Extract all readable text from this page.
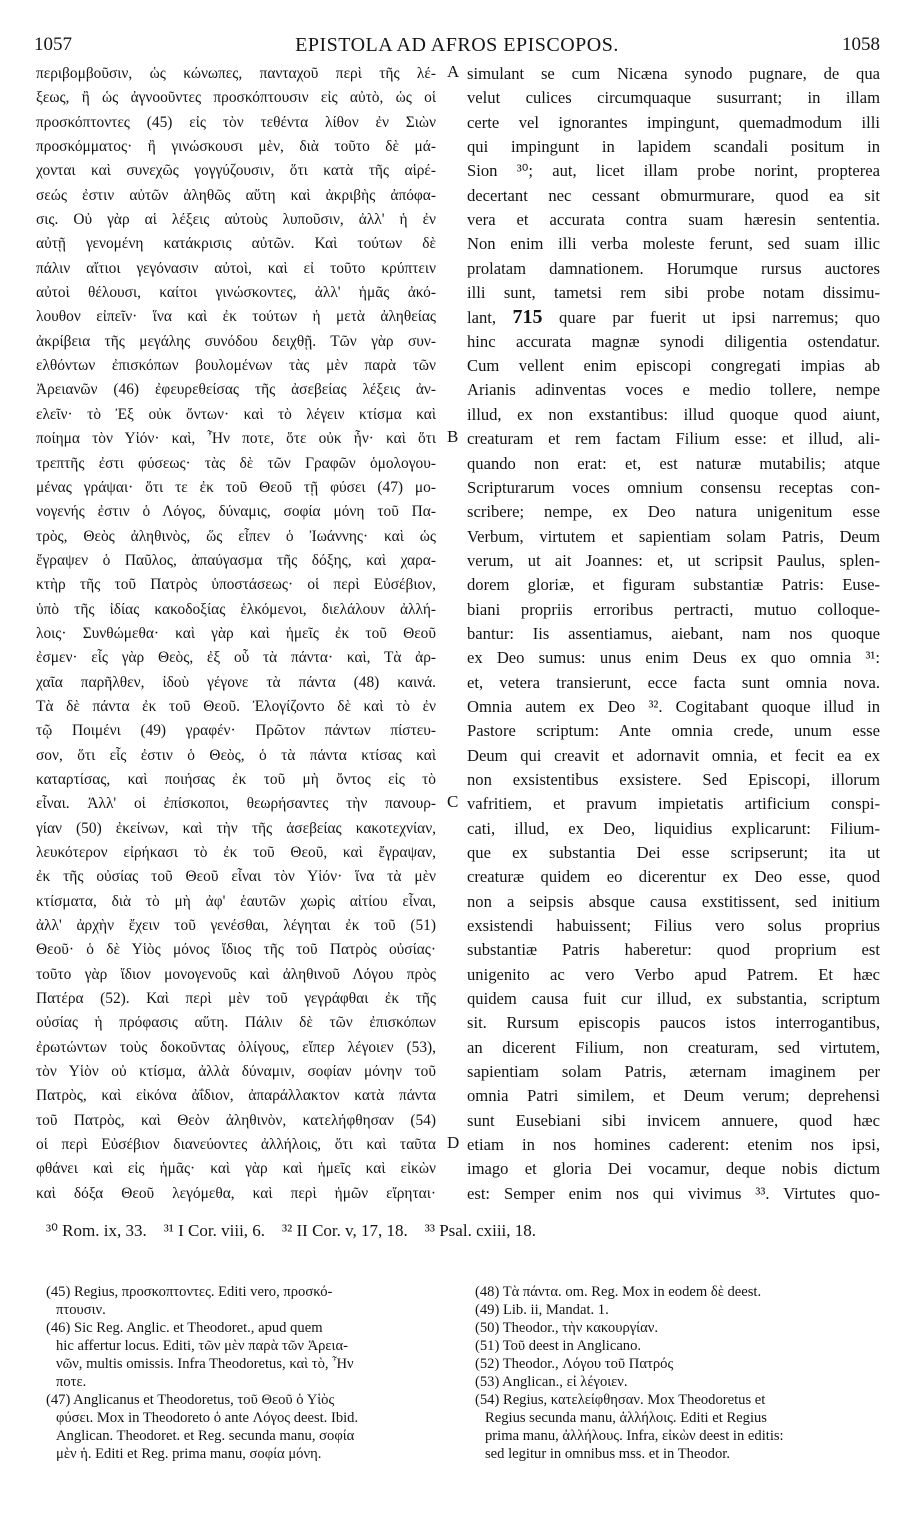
1057	EPISTOLA AD AFROS EPISCOPOS.	1058
περιβομβοῦσιν, ὡς κώνωπες, πανταχοῦ περὶ τῆς λέ-
ξεως, ἢ ὡς ἀγνοοῦντες προσκόπτουσιν εἰς αὐτὸ, ὡς οἱ
προσκόπτοντες (45) εἰς τὸν τεθέντα λίθον ἐν Σιὼν
προσκόμματος· ἢ γινώσκουσι μὲν, διὰ τοῦτο δὲ μά-
χονται καὶ συνεχῶς γογγύζουσιν, ὅτι κατὰ τῆς αἱρέ-
σεώς ἐστιν αὐτῶν ἀληθῶς αὕτη καὶ ἀκριβὴς ἀπόφα-
σις. Οὐ γὰρ αἱ λέξεις αὐτοὺς λυποῦσιν, ἀλλ' ἡ ἐν
αὐτῇ γενομένη κατάκρισις αὐτῶν. Καὶ τούτων δὲ
πάλιν αἴτιοι γεγόνασιν αὐτοὶ, καὶ εἰ τοῦτο κρύπτειν
αὐτοὶ θέλουσι, καίτοι γινώσκοντες, ἀλλ' ἡμᾶς ἀκό-
λουθον εἰπεῖν· ἵνα καὶ ἐκ τούτων ἡ μετὰ ἀληθείας
ἀκρίβεια τῆς μεγάλης συνόδου δειχθῇ. Τῶν γὰρ συν-
ελθόντων ἐπισκόπων βουλομένων τὰς μὲν παρὰ τῶν
Ἀρειανῶν (46) ἐφευρεθείσας τῆς ἀσεβείας λέξεις ἀν-
ελεῖν· τὸ Ἐξ οὐκ ὄντων· καὶ τὸ λέγειν κτίσμα καὶ
ποίημα τὸν Υἱόν· καὶ, Ἦν ποτε, ὅτε οὐκ ἦν· καὶ ὅτι
τρεπτῆς ἐστι φύσεως· τὰς δὲ τῶν Γραφῶν ὁμολογου-
μένας γράψαι· ὅτι τε ἐκ τοῦ Θεοῦ τῇ φύσει (47) μο-
νογενής ἐστιν ὁ Λόγος, δύναμις, σοφία μόνη τοῦ Πα-
τρὸς, Θεὸς ἀληθινὸς, ὥς εἶπεν ὁ Ἰωάννης· καὶ ὡς
ἔγραψεν ὁ Παῦλος, ἀπαύγασμα τῆς δόξης, καὶ χαρα-
κτὴρ τῆς τοῦ Πατρὸς ὑποστάσεως· οἱ περὶ Εὐσέβιον,
ὑπὸ τῆς ἰδίας κακοδοξίας ἑλκόμενοι, διελάλουν ἀλλή-
λοις· Συνθώμεθα· καὶ γὰρ καὶ ἡμεῖς ἐκ τοῦ Θεοῦ
ἐσμεν· εἷς γὰρ Θεὸς, ἐξ οὗ τὰ πάντα· καὶ, Τὰ ἀρ-
χαῖα παρῆλθεν, ἰδοὺ γέγονε τὰ πάντα (48) καινά.
Τὰ δὲ πάντα ἐκ τοῦ Θεοῦ. Ἐλογίζοντο δὲ καὶ τὸ ἐν
τῷ Ποιμένι (49) γραφέν· Πρῶτον πάντων πίστευ-
σον, ὅτι εἷς ἐστιν ὁ Θεὸς, ὁ τὰ πάντα κτίσας καὶ
καταρτίσας, καὶ ποιήσας ἐκ τοῦ μὴ ὄντος εἰς τὸ
εἶναι. Ἀλλ' οἱ ἐπίσκοποι, θεωρήσαντες τὴν πανουρ-
γίαν (50) ἐκείνων, καὶ τὴν τῆς ἀσεβείας κακοτεχνίαν,
λευκότερον εἰρήκασι τὸ ἐκ τοῦ Θεοῦ, καὶ ἔγραψαν,
ἐκ τῆς οὐσίας τοῦ Θεοῦ εἶναι τὸν Υἱόν· ἵνα τὰ μὲν
κτίσματα, διὰ τὸ μὴ ἀφ' ἑαυτῶν χωρὶς αἰτίου εἶναι,
ἀλλ' ἀρχὴν ἔχειν τοῦ γενέσθαι, λέγηται ἐκ τοῦ (51)
Θεοῦ· ὁ δὲ Υἱὸς μόνος ἴδιος τῆς τοῦ Πατρὸς οὐσίας·
τοῦτο γὰρ ἴδιον μονογενοῦς καὶ ἀληθινοῦ Λόγου πρὸς
Πατέρα (52). Καὶ περὶ μὲν τοῦ γεγράφθαι ἐκ τῆς
οὐσίας ἡ πρόφασις αὕτη. Πάλιν δὲ τῶν ἐπισκόπων
ἐρωτώντων τοὺς δοκοῦντας ὀλίγους, εἴπερ λέγοιεν (53),
τὸν Υἱὸν οὐ κτίσμα, ἀλλὰ δύναμιν, σοφίαν μόνην τοῦ
Πατρὸς, καὶ εἰκόνα ἀΐδιον, ἀπαράλλακτον κατὰ πάντα
τοῦ Πατρὸς, καὶ Θεὸν ἀληθινὸν, κατελήφθησαν (54)
οἱ περὶ Εὐσέβιον διανεύοντες ἀλλήλοις, ὅτι καὶ ταῦτα
φθάνει καὶ εἰς ἡμᾶς· καὶ γὰρ καὶ ἡμεῖς καὶ εἰκὼν
καὶ δόξα Θεοῦ λεγόμεθα, καὶ περὶ ἡμῶν εἴρηται·
simulant se cum Nicæna synodo pugnare, de qua
velut culices circumquaque susurrant; in illam
certe vel ignorantes impingunt, quemadmodum illi
qui impingunt in lapidem scandali positum in
Sion ³⁰; aut, licet illam probe norint, propterea
decertant nec cessant obmurmurare, quod ea sit
vera et accurata contra suam hæresin sententia.
Non enim illi verba moleste ferunt, sed suam illic
prolatam damnationem. Horumque rursus auctores
illi sunt, tametsi rem sibi probe notam dissimu-
lant, 715 quare par fuerit ut ipsi narremus; quo
hinc accurata magnæ synodi diligentia ostendatur.
Cum vellent enim episcopi congregati impias ab
Arianis adinventas voces e medio tollere, nempe
illud, ex non exstantibus: illud quoque quod aiunt,
creaturam et rem factam Filium esse: et illud, ali-
quando non erat: et, est naturæ mutabilis; atque
Scripturarum voces omnium consensu receptas con-
scribere; nempe, ex Deo natura unigenitum esse
Verbum, virtutem et sapientiam solam Patris, Deum
verum, ut ait Joannes: et, ut scripsit Paulus, splen-
dorem gloriæ, et figuram substantiæ Patris: Euse-
biani propriis erroribus pertracti, mutuo colloque-
bantur: Iis assentiamus, aiebant, nam nos quoque
ex Deo sumus: unus enim Deus ex quo omnia ³¹:
et, vetera transierunt, ecce facta sunt omnia nova.
Omnia autem ex Deo ³². Cogitabant quoque illud in
Pastore scriptum: Ante omnia crede, unum esse
Deum qui creavit et adornavit omnia, et fecit ea ex
non exsistentibus exsistere. Sed Episcopi, illorum
vafritiem, et pravum impietatis artificium conspi-
cati, illud, ex Deo, liquidius explicarunt: Filium-
que ex substantia Dei esse scripserunt; ita ut
creaturæ quidem eo dicerentur ex Deo esse, quod
non a seipsis absque causa exstitissent, sed initium
exsistendi habuissent; Filius vero solus proprius
substantiæ Patris haberetur: quod proprium est
unigenito ac vero Verbo apud Patrem. Et hæc
quidem causa fuit cur illud, ex substantia, scriptum
sit. Rursum episcopis paucos istos interrogantibus,
an dicerent Filium, non creaturam, sed virtutem,
sapientiam solam Patris, æternam imaginem per
omnia Patri similem, et Deum verum; deprehensi
sunt Eusebiani sibi invicem annuere, quod hæc
etiam in nos homines caderent: etenim nos ipsi,
imago et gloria Dei vocamur, deque nobis dictum
est: Semper enim nos qui vivimus ³³. Virtutes quo-
A
B
C
D
³⁰ Rom. ix, 33. ³¹ I Cor. viii, 6. ³² II Cor. v, 17, 18. ³³ Psal. cxiii, 18.
(45) Regius, προσκοπτοντες. Editi vero, προσκό-
πτουσιν.
(46) Sic Reg. Anglic. et Theodoret., apud quem
hic affertur locus. Editi, τῶν μὲν παρὰ τῶν Ἀρεια-
νῶν, multis omissis. Infra Theodoretus, καὶ τὸ, Ἦν
ποτε.
(47) Anglicanus et Theodoretus, τοῦ Θεοῦ ὁ Υἱὸς
φύσει. Mox in Theodoreto ὁ ante Λόγος deest. Ibid.
Anglican. Theodoret. et Reg. secunda manu, σοφία
μὲν ἡ. Editi et Reg. prima manu, σοφία μόνη.
(48) Τὰ πάντα. om. Reg. Mox in eodem δὲ deest.
(49) Lib. ii, Mandat. 1.
(50) Theodor., τὴν κακουργίαν.
(51) Τοῦ deest in Anglicano.
(52) Theodor., Λόγου τοῦ Πατρός
(53) Anglican., εἰ λέγοιεν.
(54) Regius, κατελείφθησαν. Mox Theodoretus et
Regius secunda manu, ἀλλήλοις. Editi et Regius
prima manu, ἀλλήλους. Infra, εἰκὼν deest in editis:
sed legitur in omnibus mss. et in Theodor.
